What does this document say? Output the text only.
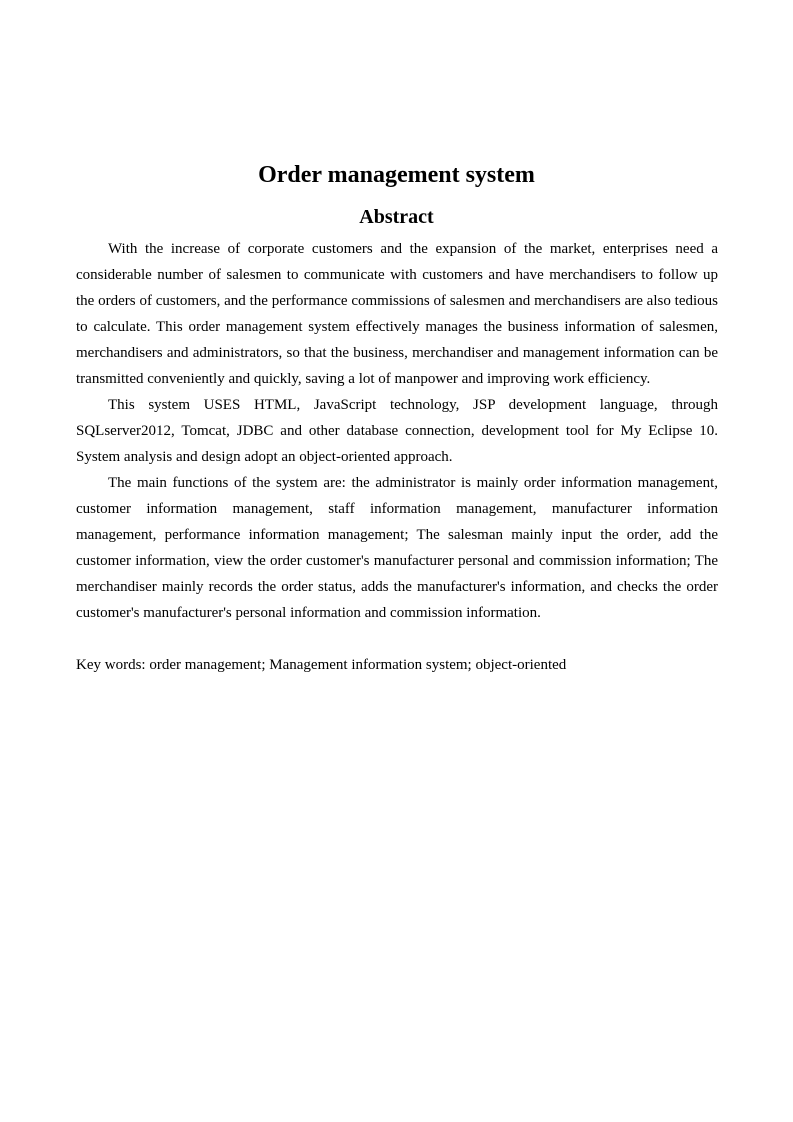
Order management system
Abstract

With the increase of corporate customers and the expansion of the market, enterprises need a considerable number of salesmen to communicate with customers and have merchandisers to follow up the orders of customers, and the performance commissions of salesmen and merchandisers are also tedious to calculate. This order management system effectively manages the business information of salesmen, merchandisers and administrators, so that the business, merchandiser and management information can be transmitted conveniently and quickly, saving a lot of manpower and improving work efficiency.

This system USES HTML, JavaScript technology, JSP development language, through SQLserver2012, Tomcat, JDBC and other database connection, development tool for My Eclipse 10. System analysis and design adopt an object-oriented approach.

The main functions of the system are: the administrator is mainly order information management, customer information management, staff information management, manufacturer information management, performance information management; The salesman mainly input the order, add the customer information, view the order customer's manufacturer personal and commission information; The merchandiser mainly records the order status, adds the manufacturer's information, and checks the order customer's manufacturer's personal information and commission information.

Key words: order management; Management information system; object-oriented
